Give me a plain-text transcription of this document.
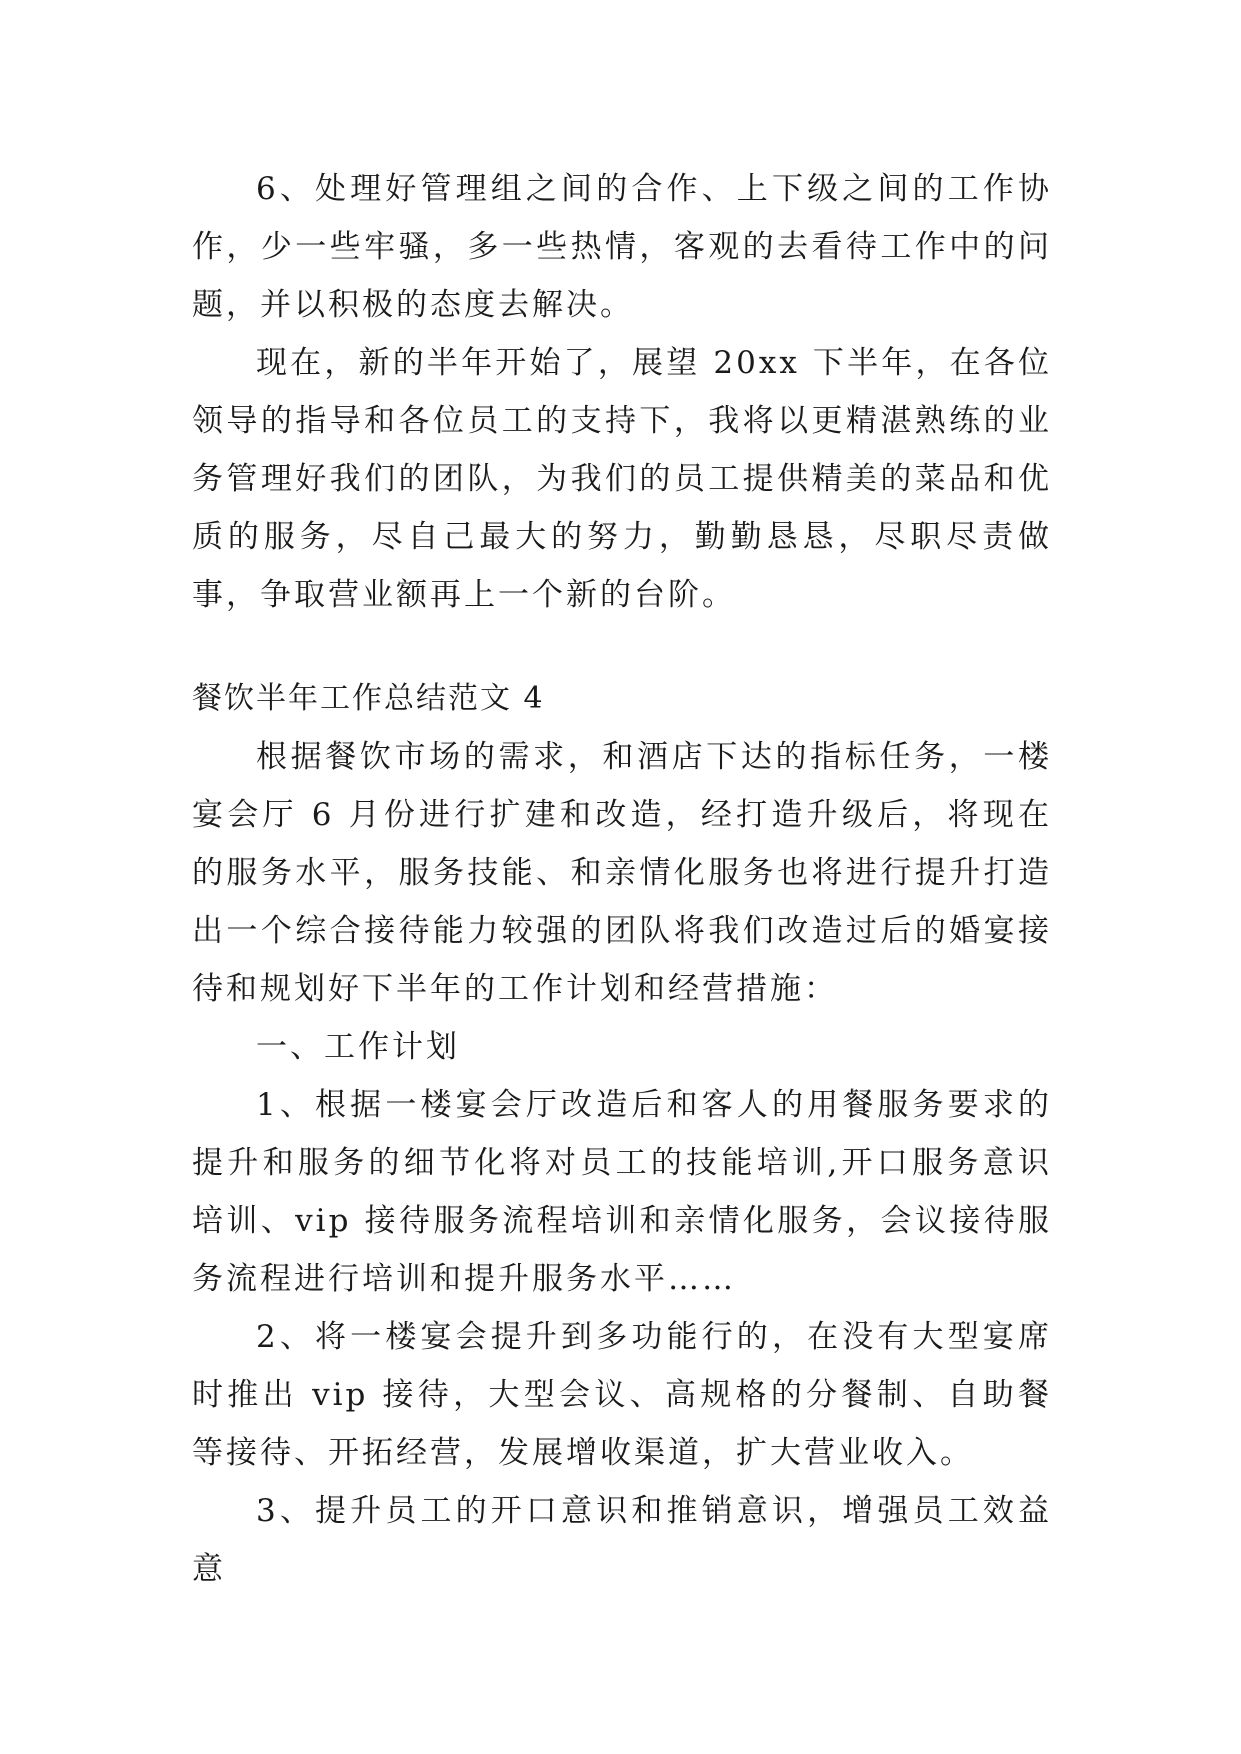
6、处理好管理组之间的合作、上下级之间的工作协作，少一些牢骚，多一些热情，客观的去看待工作中的问题，并以积极的态度去解决。

现在，新的半年开始了，展望 20xx 下半年，在各位领导的指导和各位员工的支持下，我将以更精湛熟练的业务管理好我们的团队，为我们的员工提供精美的菜品和优质的服务，尽自己最大的努力，勤勤恳恳，尽职尽责做事，争取营业额再上一个新的台阶。

餐饮半年工作总结范文 4

根据餐饮市场的需求，和酒店下达的指标任务，一楼宴会厅 6 月份进行扩建和改造，经打造升级后，将现在的服务水平，服务技能、和亲情化服务也将进行提升打造出一个综合接待能力较强的团队将我们改造过后的婚宴接待和规划好下半年的工作计划和经营措施：

一、工作计划

1、根据一楼宴会厅改造后和客人的用餐服务要求的提升和服务的细节化将对员工的技能培训,开口服务意识培训、vip 接待服务流程培训和亲情化服务，会议接待服务流程进行培训和提升服务水平……

2、将一楼宴会提升到多功能行的，在没有大型宴席时推出 vip 接待，大型会议、高规格的分餐制、自助餐等接待、开拓经营，发展增收渠道，扩大营业收入。

3、提升员工的开口意识和推销意识，增强员工效益意
